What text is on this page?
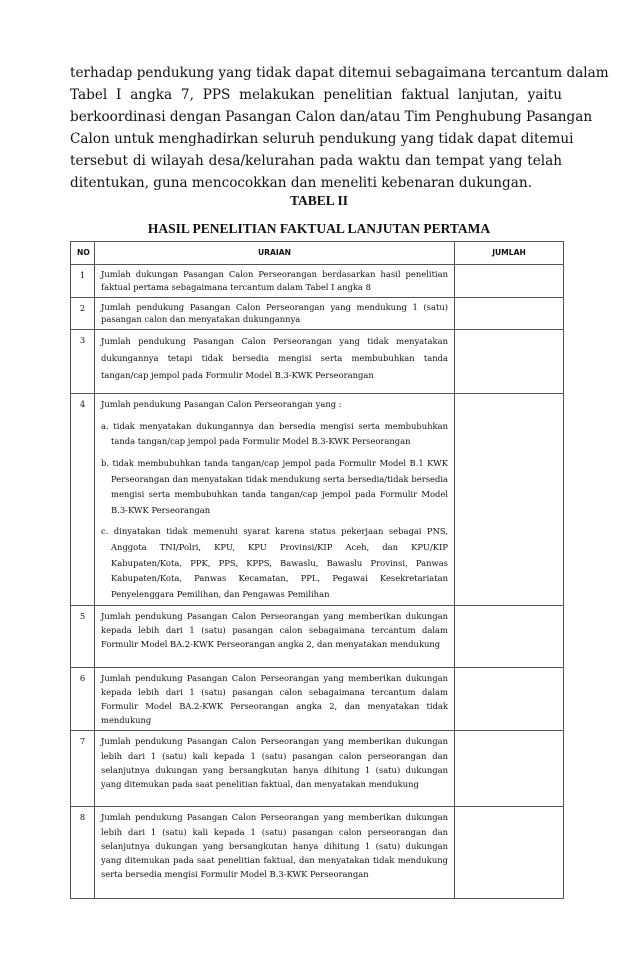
terhadap pendukung yang tidak dapat ditemui sebagaimana tercantum dalam
Tabel I angka 7, PPS melakukan penelitian faktual lanjutan, yaitu
berkoordinasi dengan Pasangan Calon dan/atau Tim Penghubung Pasangan
Calon untuk menghadirkan seluruh pendukung yang tidak dapat ditemui
tersebut di wilayah desa/kelurahan pada waktu dan tempat yang telah
ditentukan, guna mencocokkan dan meneliti kebenaran dukungan.

TABEL II
HASIL PENELITIAN FAKTUAL LANJUTAN PERTAMA
NO	URAIAN	JUMLAH
1	Jumlah dukungan Pasangan Calon Perseorangan berdasarkan hasil penelitian faktual pertama sebagaimana tercantum dalam Tabel I angka 8	

2	Jumlah pendukung Pasangan Calon Perseorangan yang mendukung 1 (satu) pasangan calon dan menyatakan dukungannya	

3	Jumlah pendukung Pasangan Calon Perseorangan yang tidak menyatakan dukungannya tetapi tidak bersedia mengisi serta membubuhkan tanda tangan/cap jempol pada Formulir Model B.3-KWK Perseorangan	

4	Jumlah pendukung Pasangan Calon Perseorangan yang :
a. tidak menyatakan dukungannya dan bersedia mengisi serta membubuhkan tanda tangan/cap jempol pada Formulir Model B.3-KWK Perseorangan
b. tidak membubuhkan tanda tangan/cap jempol pada Formulir Model B.1 KWK Perseorangan dan menyatakan tidak mendukung serta bersedia/tidak bersedia mengisi serta membubuhkan tanda tangan/cap jempol pada Formulir Model B.3-KWK Perseorangan
c. dinyatakan tidak memenuhi syarat karena status pekerjaan sebagai PNS, Anggota TNI/Polri, KPU, KPU Provinsi/KIP Aceh, dan KPU/KIP Kabupaten/Kota, PPK, PPS, KPPS, Bawaslu, Bawaslu Provinsi, Panwas Kabupaten/Kota, Panwas Kecamatan, PPL, Pegawai Kesekretariatan Penyelenggara Pemilihan, dan Pengawas Pemilihan	

5	Jumlah pendukung Pasangan Calon Perseorangan yang memberikan dukungan kepada lebih dari 1 (satu) pasangan calon sebagaimana tercantum dalam Formulir Model BA.2-KWK Perseorangan angka 2, dan menyatakan mendukung	

6	Jumlah pendukung Pasangan Calon Perseorangan yang memberikan dukungan kepada lebih dari 1 (satu) pasangan calon sebagaimana tercantum dalam Formulir Model BA.2-KWK Perseorangan angka 2, dan menyatakan tidak mendukung	

7	Jumlah pendukung Pasangan Calon Perseorangan yang memberikan dukungan lebih dari 1 (satu) kali kepada 1 (satu) pasangan calon perseorangan dan selanjutnya dukungan yang bersangkutan hanya dihitung 1 (satu) dukungan yang ditemukan pada saat penelitian faktual, dan menyatakan mendukung	

8	Jumlah pendukung Pasangan Calon Perseorangan yang memberikan dukungan lebih dari 1 (satu) kali kepada 1 (satu) pasangan calon perseorangan dan selanjutnya dukungan yang bersangkutan hanya dihitung 1 (satu) dukungan yang ditemukan pada saat penelitian faktual, dan menyatakan tidak mendukung serta bersedia mengisi Formulir Model B.3-KWK Perseorangan	
